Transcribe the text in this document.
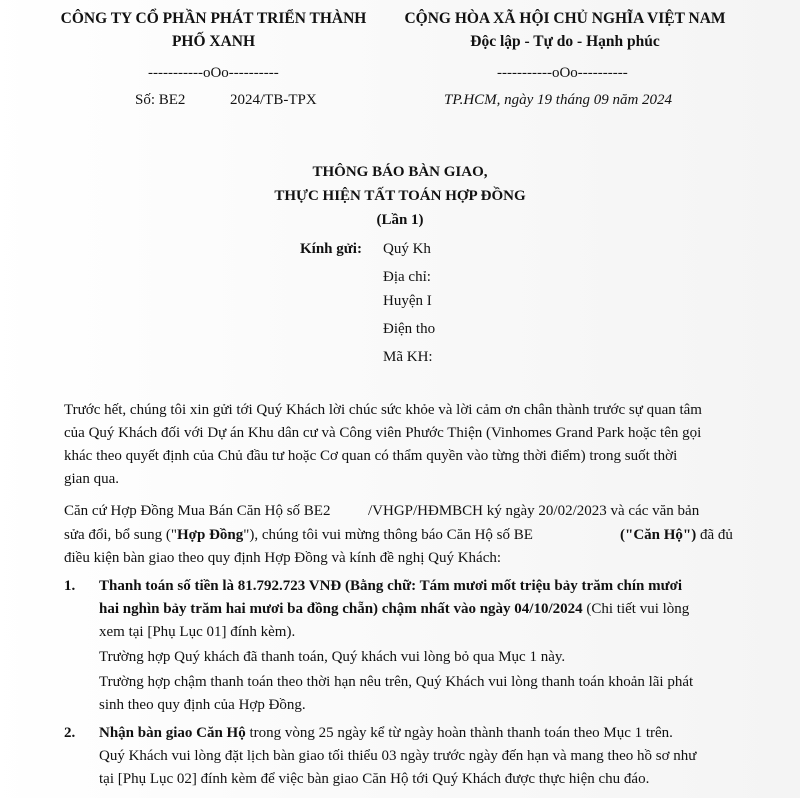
CÔNG TY CỔ PHẦN PHÁT TRIỂN THÀNH
PHỐ XANH
-----------oOo----------
Số: BE2	2024/TB-TPX
CỘNG HÒA XÃ HỘI CHỦ NGHĨA VIỆT NAM
Độc lập - Tự do - Hạnh phúc
-----------oOo----------
TP.HCM, ngày 19 tháng 09 năm 2024
THÔNG BÁO BÀN GIAO,
THỰC HIỆN TẤT TOÁN HỢP ĐỒNG
(Lần 1)
Kính gửi: Quý Kh
Địa chỉ:
Huyện I
Điện tho
Mã KH:
Trước hết, chúng tôi xin gửi tới Quý Khách lời chúc sức khỏe và lời cảm ơn chân thành trước sự quan tâm
của Quý Khách đối với Dự án Khu dân cư và Công viên Phước Thiện (Vinhomes Grand Park hoặc tên gọi
khác theo quyết định của Chủ đầu tư hoặc Cơ quan có thẩm quyền vào từng thời điểm) trong suốt thời
gian qua.
Căn cứ Hợp Đồng Mua Bán Căn Hộ số BE2	/VHGP/HĐMBCH ký ngày 20/02/2023 và các văn bản
sửa đổi, bổ sung ("Hợp Đồng"), chúng tôi vui mừng thông báo Căn Hộ số BE	("Căn Hộ") đã đủ
điều kiện bàn giao theo quy định Hợp Đồng và kính đề nghị Quý Khách:
1. Thanh toán số tiền là 81.792.723 VNĐ (Bằng chữ: Tám mươi mốt triệu bảy trăm chín mươi
hai nghìn bảy trăm hai mươi ba đồng chẵn) chậm nhất vào ngày 04/10/2024 (Chi tiết vui lòng
xem tại [Phụ Lục 01] đính kèm).
Trường hợp Quý khách đã thanh toán, Quý khách vui lòng bỏ qua Mục 1 này.
Trường hợp chậm thanh toán theo thời hạn nêu trên, Quý Khách vui lòng thanh toán khoản lãi phát
sinh theo quy định của Hợp Đồng.
2. Nhận bàn giao Căn Hộ trong vòng 25 ngày kể từ ngày hoàn thành thanh toán theo Mục 1 trên.
Quý Khách vui lòng đặt lịch bàn giao tối thiểu 03 ngày trước ngày đến hạn và mang theo hồ sơ như
tại [Phụ Lục 02] đính kèm để việc bàn giao Căn Hộ tới Quý Khách được thực hiện chu đáo.
